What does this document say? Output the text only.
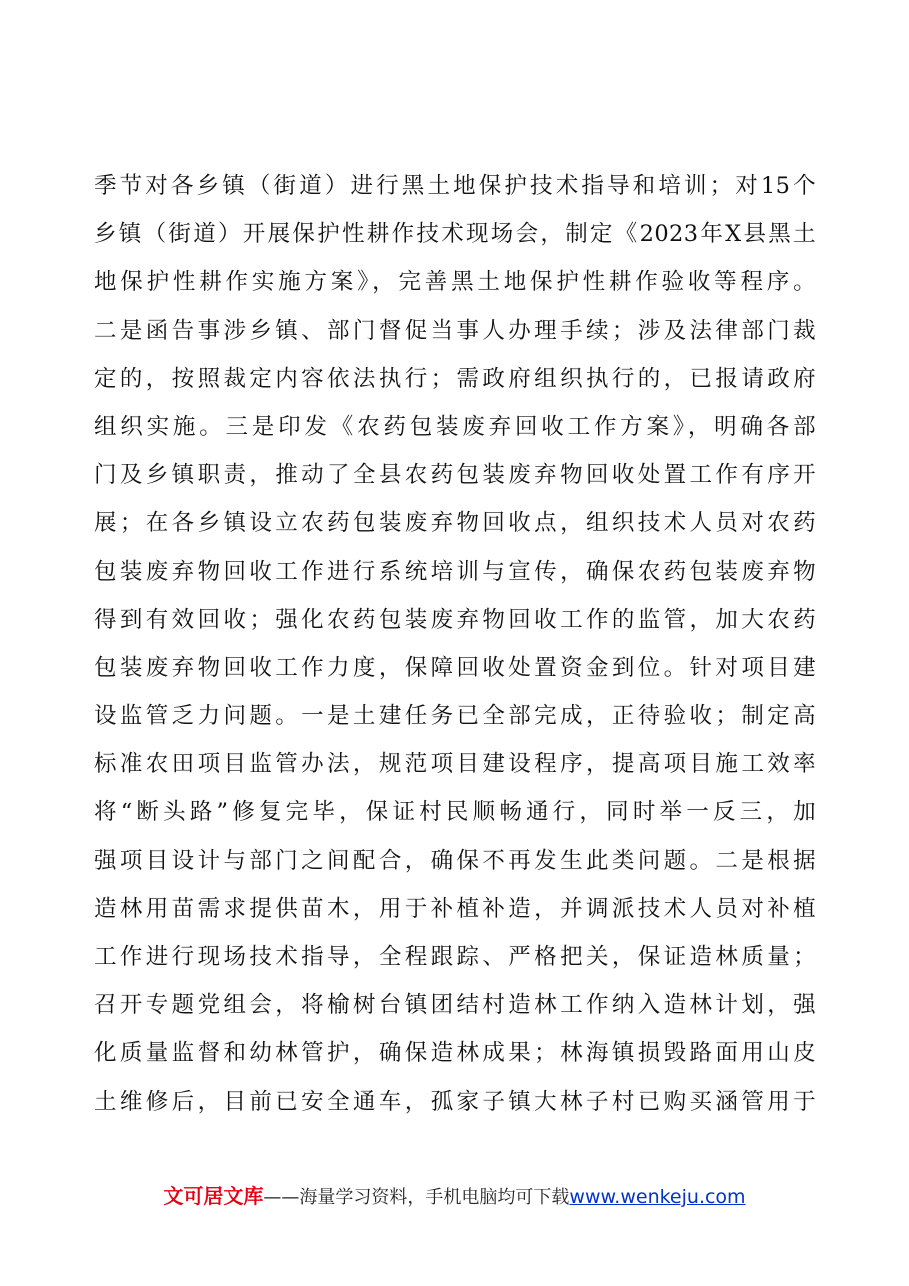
季节对各乡镇（街道）进行黑土地保护技术指导和培训；对15个
乡镇（街道）开展保护性耕作技术现场会，制定《2023年X县黑土
地保护性耕作实施方案》，完善黑土地保护性耕作验收等程序。
二是函告事涉乡镇、部门督促当事人办理手续；涉及法律部门裁
定的，按照裁定内容依法执行；需政府组织执行的，已报请政府
组织实施。三是印发《农药包装废弃回收工作方案》，明确各部
门及乡镇职责，推动了全县农药包装废弃物回收处置工作有序开
展；在各乡镇设立农药包装废弃物回收点，组织技术人员对农药
包装废弃物回收工作进行系统培训与宣传，确保农药包装废弃物
得到有效回收；强化农药包装废弃物回收工作的监管，加大农药
包装废弃物回收工作力度，保障回收处置资金到位。针对项目建
设监管乏力问题。一是土建任务已全部完成，正待验收；制定高
标准农田项目监管办法，规范项目建设程序，提高项目施工效率
将“断头路”修复完毕，保证村民顺畅通行，同时举一反三，加
强项目设计与部门之间配合，确保不再发生此类问题。二是根据
造林用苗需求提供苗木，用于补植补造，并调派技术人员对补植
工作进行现场技术指导，全程跟踪、严格把关，保证造林质量；
召开专题党组会，将榆树台镇团结村造林工作纳入造林计划，强
化质量监督和幼林管护，确保造林成果；林海镇损毁路面用山皮
土维修后，目前已安全通车，孤家子镇大林子村已购买涵管用于
文可居文库——海量学习资料，手机电脑均可下载www.wenkeju.com
